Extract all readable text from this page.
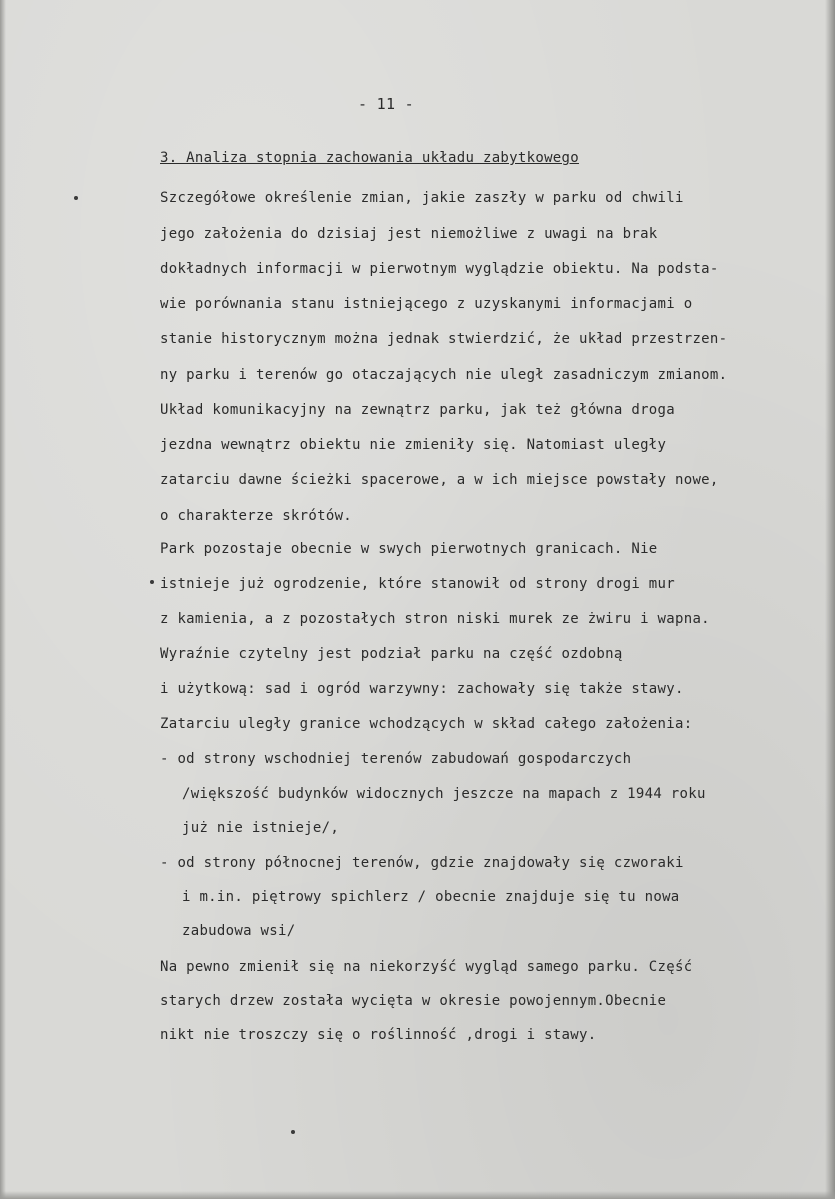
- 11 -
3. Analiza stopnia zachowania układu zabytkowego
Szczegółowe określenie zmian, jakie zaszły w parku od chwili
jego założenia do dzisiaj jest niemożliwe z uwagi na brak
dokładnych informacji w pierwotnym wyglądzie obiektu. Na podsta-
wie porównania stanu istniejącego z uzyskanymi informacjami o
stanie historycznym można jednak stwierdzić, że układ przestrzen-
ny parku i terenów go otaczających nie uległ zasadniczym zmianom.
Układ komunikacyjny na zewnątrz parku, jak też główna droga
jezdna wewnątrz obiektu nie zmieniły się. Natomiast uległy
zatarciu dawne ścieżki spacerowe, a w ich miejsce powstały nowe,
o charakterze skrótów.
Park pozostaje obecnie w swych pierwotnych granicach. Nie
istnieje już ogrodzenie, które stanowił od strony drogi mur
z kamienia, a z pozostałych stron niski murek ze żwiru i wapna.
Wyraźnie czytelny jest podział parku na część ozdobną
i użytkową: sad i ogród warzywny: zachowały się także stawy.
Zatarciu uległy granice wchodzących w skład całego założenia:
- od strony wschodniej terenów zabudowań gospodarczych
/większość budynków widocznych jeszcze na mapach z 1944 roku
już nie istnieje/,
- od strony północnej terenów, gdzie znajdowały się czworaki
i m.in. piętrowy spichlerz / obecnie znajduje się tu nowa
zabudowa wsi/
Na pewno zmienił się na niekorzyść wygląd samego parku. Część
starych drzew została wycięta w okresie powojennym.Obecnie
nikt nie troszczy się o roślinność ,drogi i stawy.
